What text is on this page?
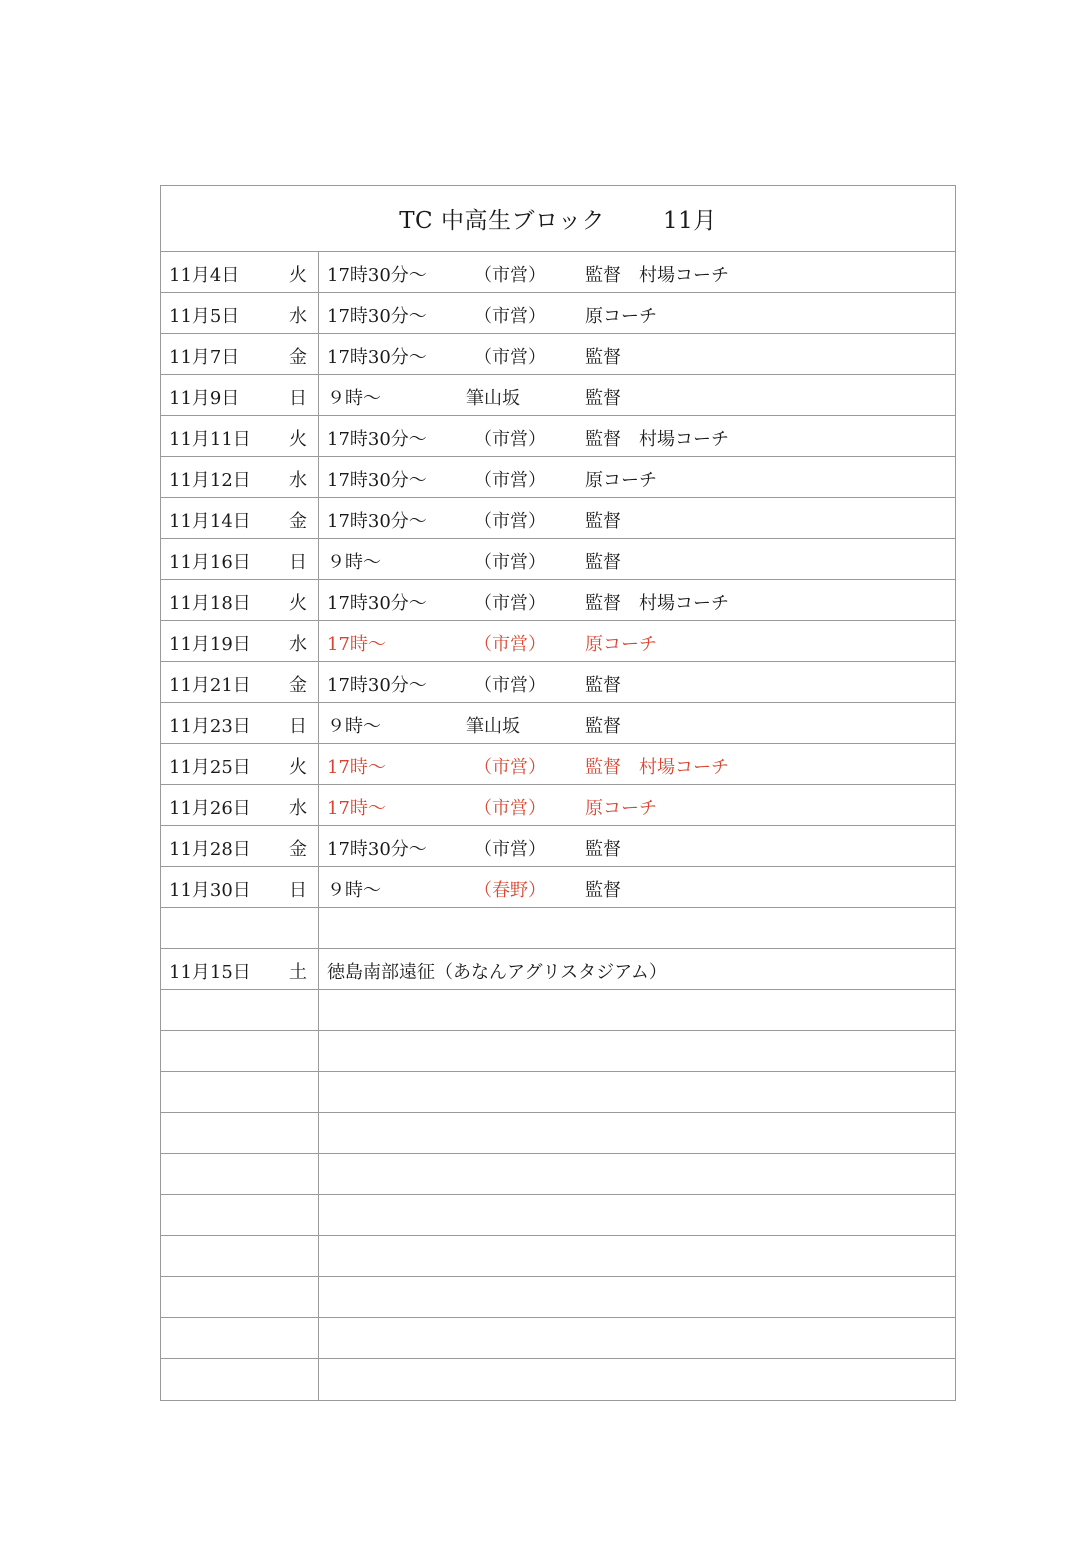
TC 中高生ブロック	11月
11月4日	火 17時30分〜	（市営） 監督　村場コーチ
11月5日	水 17時30分〜	（市営） 原コーチ
11月7日	金 17時30分〜	（市営） 監督
11月9日	日 ９時〜	筆山坂	監督
11月11日 火 17時30分〜	（市営） 監督　村場コーチ
11月12日 水 17時30分〜	（市営） 原コーチ
11月14日 金 17時30分〜	（市営） 監督
11月16日 日 ９時〜	（市営） 監督
11月18日 火 17時30分〜	（市営） 監督　村場コーチ
11月19日 水 17時〜	（市営） 原コーチ
11月21日 金 17時30分〜	（市営） 監督
11月23日 日 ９時〜	筆山坂	監督
11月25日 火 17時〜	（市営） 監督　村場コーチ
11月26日 水 17時〜	（市営） 原コーチ
11月28日 金 17時30分〜	（市営） 監督
11月30日 日 ９時〜	（春野） 監督
11月15日 土 徳島南部遠征（あなんアグリスタジアム）
